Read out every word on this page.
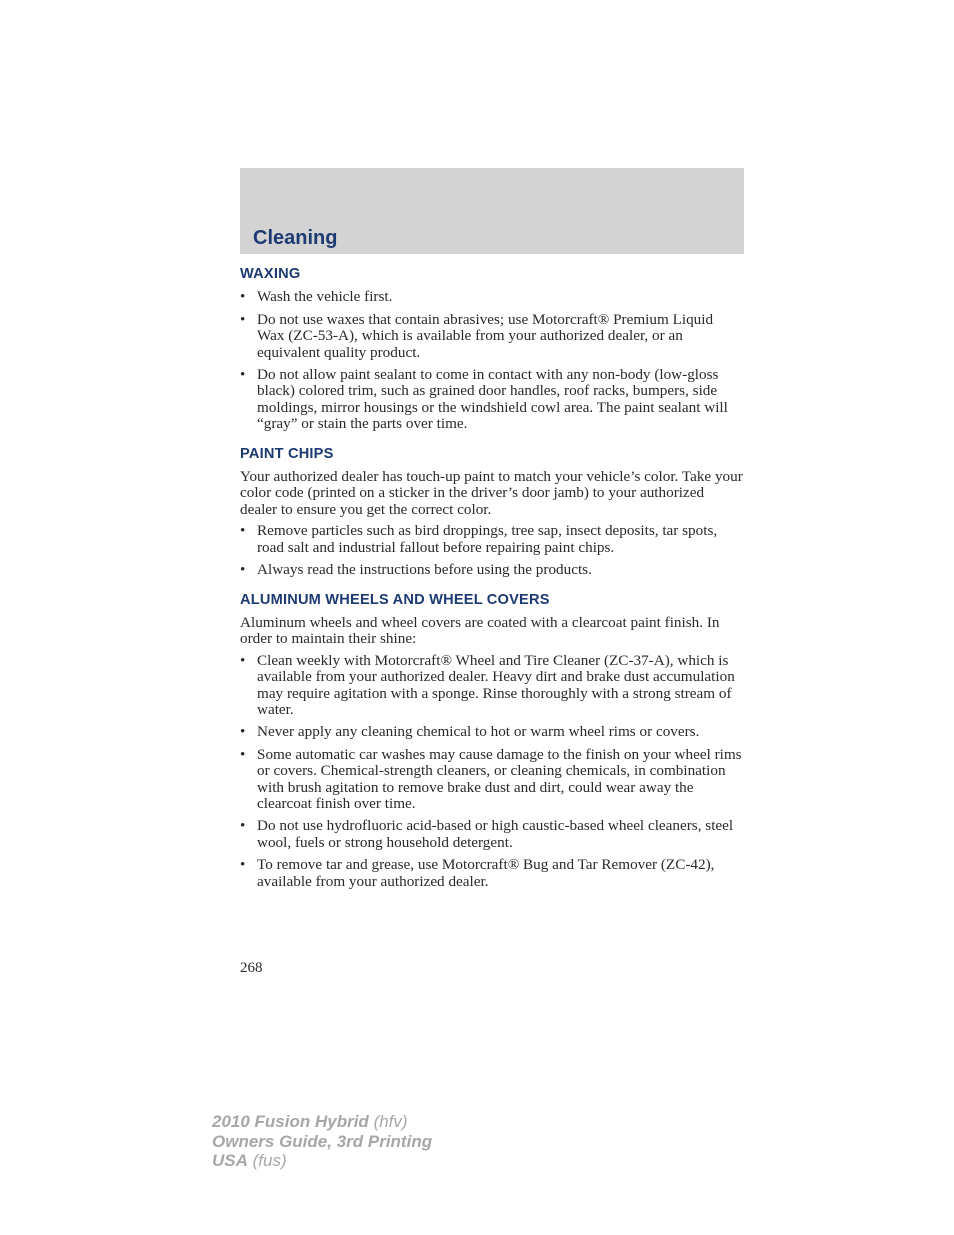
Cleaning
WAXING
• Wash the vehicle first.
• Do not use waxes that contain abrasives; use Motorcraft® Premium Liquid Wax (ZC-53-A), which is available from your authorized dealer, or an equivalent quality product.
• Do not allow paint sealant to come in contact with any non-body (low-gloss black) colored trim, such as grained door handles, roof racks, bumpers, side moldings, mirror housings or the windshield cowl area. The paint sealant will “gray” or stain the parts over time.
PAINT CHIPS

Your authorized dealer has touch-up paint to match your vehicle’s color. Take your color code (printed on a sticker in the driver’s door jamb) to your authorized dealer to ensure you get the correct color.

• Remove particles such as bird droppings, tree sap, insect deposits, tar spots, road salt and industrial fallout before repairing paint chips.
• Always read the instructions before using the products.
ALUMINUM WHEELS AND WHEEL COVERS

Aluminum wheels and wheel covers are coated with a clearcoat paint finish. In order to maintain their shine:

• Clean weekly with Motorcraft® Wheel and Tire Cleaner (ZC-37-A), which is available from your authorized dealer. Heavy dirt and brake dust accumulation may require agitation with a sponge. Rinse thoroughly with a strong stream of water.
• Never apply any cleaning chemical to hot or warm wheel rims or covers.
• Some automatic car washes may cause damage to the finish on your wheel rims or covers. Chemical-strength cleaners, or cleaning chemicals, in combination with brush agitation to remove brake dust and dirt, could wear away the clearcoat finish over time.
• Do not use hydrofluoric acid-based or high caustic-based wheel cleaners, steel wool, fuels or strong household detergent.
• To remove tar and grease, use Motorcraft® Bug and Tar Remover (ZC-42), available from your authorized dealer.
268
2010 Fusion Hybrid (hfv)
Owners Guide, 3rd Printing
USA (fus)
